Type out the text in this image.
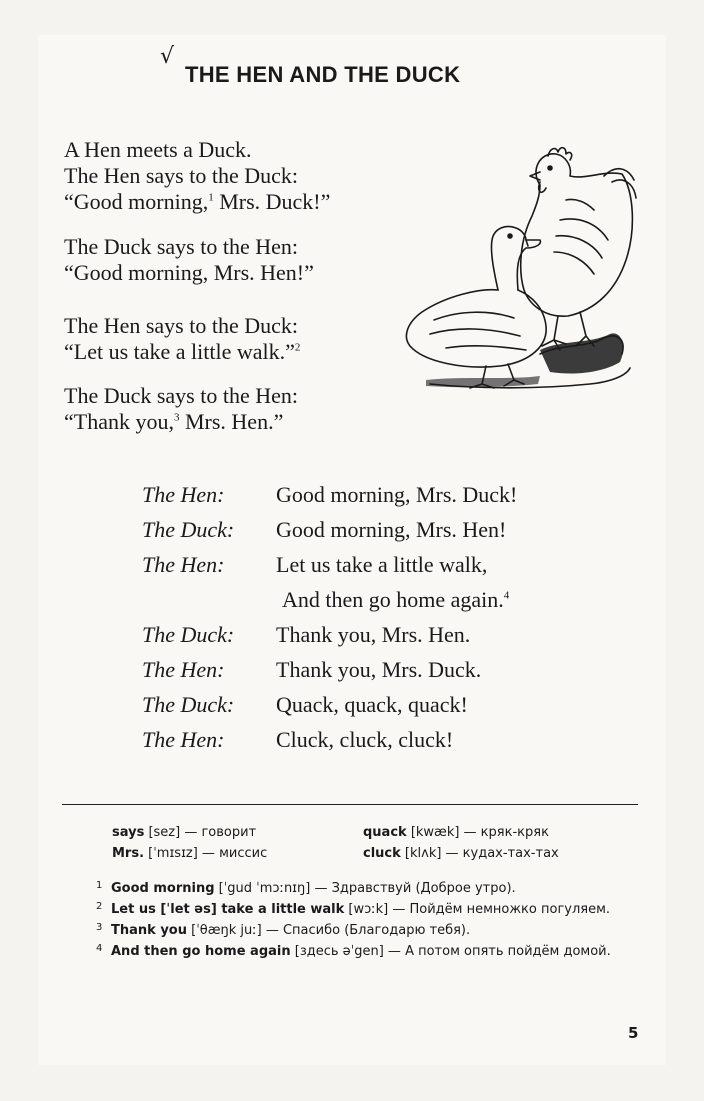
√
THE HEN AND THE DUCK
A Hen meets a Duck.
The Hen says to the Duck:
“Good morning,$^1$ Mrs. Duck!”
The Duck says to the Hen:
“Good morning, Mrs. Hen!”
The Hen says to the Duck:
“Let us take a little walk.”$^2$
The Duck says to the Hen:
“Thank you,$^3$ Mrs. Hen.”
The Hen: Good morning, Mrs. Duck!
The Duck: Good morning, Mrs. Hen!
The Hen: Let us take a little walk,
And then go home again.$^4$
The Duck: Thank you, Mrs. Hen.
The Hen: Thank you, Mrs. Duck.
The Duck: Quack, quack, quack!
The Hen: Cluck, cluck, cluck!
says [sez] — говорит
Mrs. [ˈmɪsɪz] — миссис
quack [kwæk] — кряк-кряк
cluck [klʌk] — кудах-тах-тах
1 Good morning [ˈgud ˈmɔːnɪŋ] — Здравствуй (Доброе утро).
2 Let us [ˈlet əs] take a little walk [wɔːk] — Пойдём немножко погуляем.
3 Thank you [ˈθæŋk juː] — Спасибо (Благодарю тебя).
4 And then go home again [здесь əˈgen] — А потом опять пойдём домой.
5
